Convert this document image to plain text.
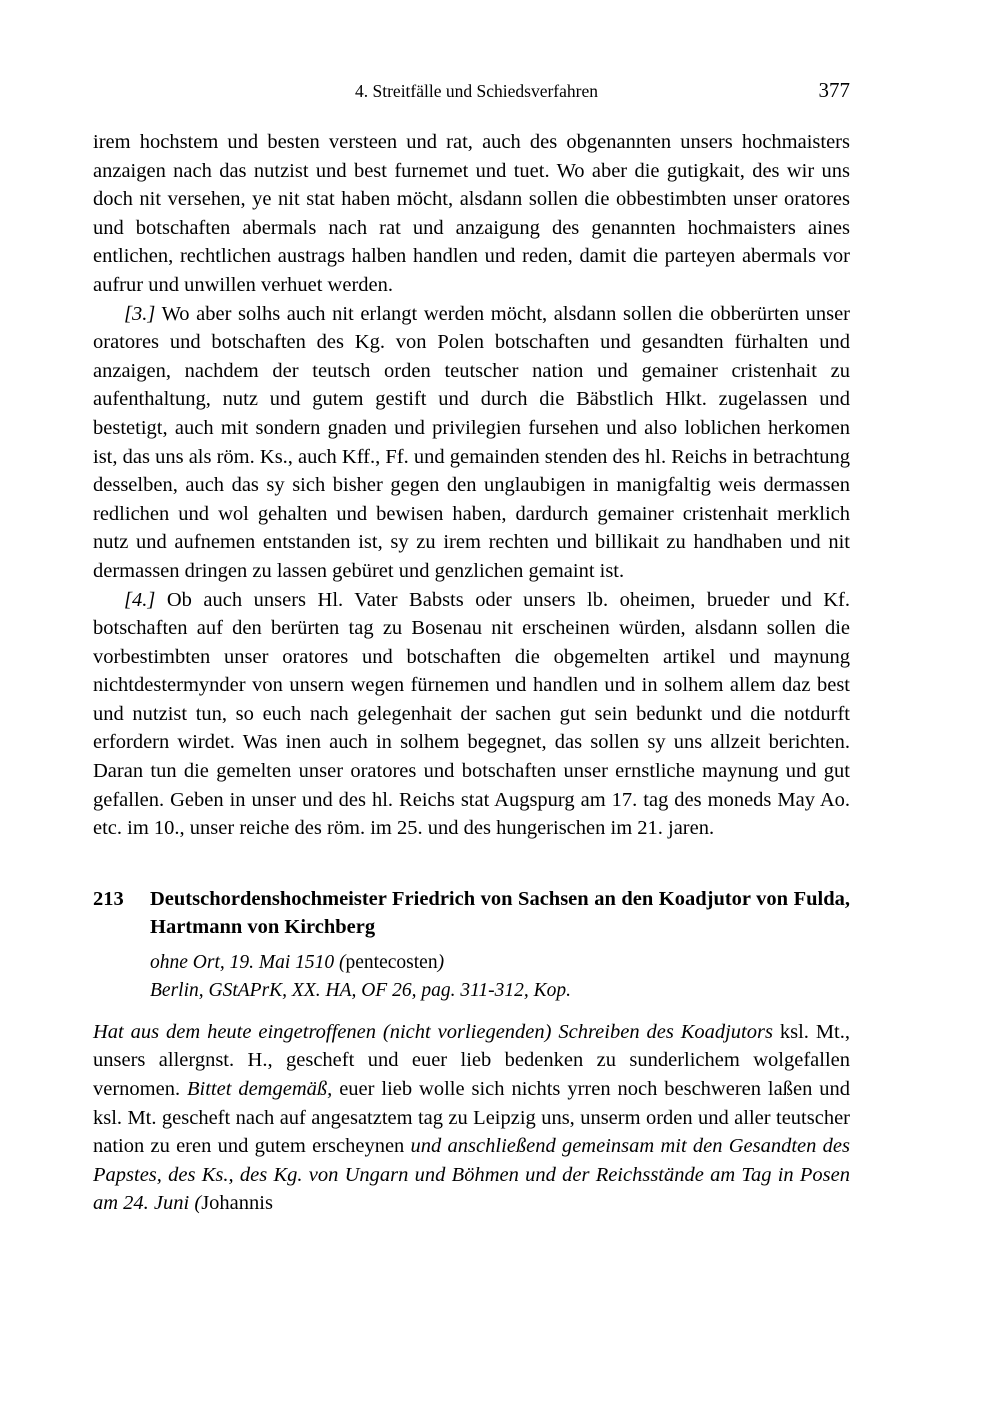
4. Streitfälle und Schiedsverfahren	377

irem hochstem und besten versteen und rat, auch des obgenannten unsers hochmaisters anzaigen nach das nutzist und best furnemet und tuet. Wo aber die gutigkait, des wir uns doch nit versehen, ye nit stat haben möcht, alsdann sollen die obbestimbten unser oratores und botschaften abermals nach rat und anzaigung des genannten hochmaisters aines entlichen, rechtlichen austrags halben handlen und reden, damit die parteyen abermals vor aufrur und unwillen verhuet werden.

[3.] Wo aber solhs auch nit erlangt werden möcht, alsdann sollen die obberürten unser oratores und botschaften des Kg. von Polen botschaften und gesandten fürhalten und anzaigen, nachdem der teutsch orden teutscher nation und gemainer cristenhait zu aufenthaltung, nutz und gutem gestift und durch die Bäbstlich Hlkt. zugelassen und bestetigt, auch mit sondern gnaden und privilegien fursehen und also loblichen herkomen ist, das uns als röm. Ks., auch Kff., Ff. und gemainden stenden des hl. Reichs in betrachtung desselben, auch das sy sich bisher gegen den unglaubigen in manigfaltig weis dermassen redlichen und wol gehalten und bewisen haben, dardurch gemainer cristenhait merklich nutz und aufnemen entstanden ist, sy zu irem rechten und billikait zu handhaben und nit dermassen dringen zu lassen gebüret und genzlichen gemaint ist.

[4.] Ob auch unsers Hl. Vater Babsts oder unsers lb. oheimen, brueder und Kf. botschaften auf den berürten tag zu Bosenau nit erscheinen würden, alsdann sollen die vorbestimbten unser oratores und botschaften die obgemelten artikel und maynung nichtdestermynder von unsern wegen fürnemen und handlen und in solhem allem daz best und nutzist tun, so euch nach gelegenhait der sachen gut sein bedunkt und die notdurft erfordern wirdet. Was inen auch in solhem begegnet, das sollen sy uns allzeit berichten. Daran tun die gemelten unser oratores und botschaften unser ernstliche maynung und gut gefallen. Geben in unser und des hl. Reichs stat Augspurg am 17. tag des moneds May Ao. etc. im 10., unser reiche des röm. im 25. und des hungerischen im 21. jaren.

213	Deutschordenshochmeister Friedrich von Sachsen an den Koadjutor von Fulda, Hartmann von Kirchberg
ohne Ort, 19. Mai 1510 (pentecosten)
Berlin, GStAPrK, XX. HA, OF 26, pag. 311-312, Kop.
Hat aus dem heute eingetroffenen (nicht vorliegenden) Schreiben des Koadjutors ksl. Mt., unsers allergnst. H., gescheft und euer lieb bedenken zu sunderlichem wolgefallen vernomen. Bittet demgemäß, euer lieb wolle sich nichts yrren noch beschweren laßen und ksl. Mt. gescheft nach auf angesatztem tag zu Leipzig uns, unserm orden und aller teutscher nation zu eren und gutem erscheynen und anschließend gemeinsam mit den Gesandten des Papstes, des Ks., des Kg. von Ungarn und Böhmen und der Reichsstände am Tag in Posen am 24. Juni (Johannis
